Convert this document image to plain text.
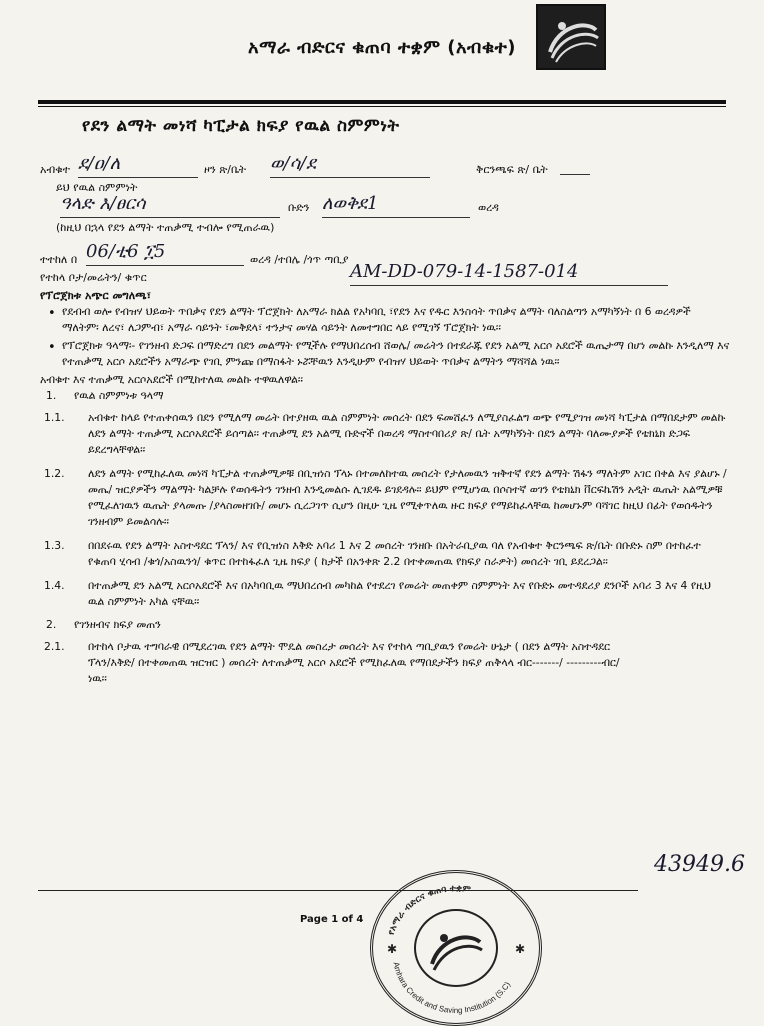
አማራ ብድርና ቁጠባ ተቋም (አብቁተ)
የደን ልማት መነሻ ካፒታል ክፍያ የዉል ስምምነት
አብቁተ ደ/ዐ/ለ	ዞን ጽ/ቤት ወ/ሳ/ደ	ቅርንጫፍ ጽ/ ቤት
ይህ የዉል ስምምነት
ዓላድ እ/ፀርሳ	ቡድን ለወቅደ1	ወረዳ
(ከዚህ በኋላ የደን ልማት ተጠቃሚ ተብሎ የሚጠራዉ)
ተተከለ በ 06/ቲ6 ፲5	ወረዳ /ተበሌ /ጎጥ ጣቢያ
የተከላ ቦታ/መሬትን/ ቁጥር	AM-DD-079-14-1587-014
የፕሮጀክቱ አጭር መግለጫ፣
• የደብብ ወሎ የብዝሃ ህይወት ጥበቃና የደን ልማት ፕሮጀክት ለአማራ ክልል የአካባቢ ፣የደን እና የዱር እንስሳት ጥበቃና ልማት ባለስልጣን አማካኝነት በ 6 ወረዳዎች ማለትም፡ ለረና፣ ለጋምብ፣ አማራ ሳይንት ፣መቅደላ፣ ተንታና መሃል ሳይንት ለመተግበር ላይ የሚገኝ ፕሮጀክት ነዉ፡፡
• የፕሮጀክቱ ዓላማ፡- የገንዘብ ድጋፍ በማድረግ በደን መልማት የሚችሉ የማህበረሰብ ሸወሌ/ መሬትን በተደራጁ የደን አልሚ አርሶ አደሮች ዉጤታማ በሆነ መልኩ እንዲለማ እና የተጠቃሚ አርሶ አደሮችን አማራጭ የገቢ ምንጩ በማስፋት ኑሯቸዉን እንዲሁም የብዝሃ ህይወት ጥበቃና ልማትን ማሻሻል ነዉ፡፡
አብቁተ እና ተጠቃሚ አርሶአደሮች በሚከተለዉ መልኩ ተዋዉለዋል፡፡
1. የዉል ስምምነቱ ዓላማ
1.1. አብቁተ ከላይ የተጠቀሰዉን በደን የሚለማ መሬት በተያዘዉ ዉል ስምምነት መሰረት በደን ፍመሸፈን ለሚያስፈልግ ወጭ የሚያገዝ መነሻ ካፒታል በማበደታም መልኩ ለደን ልማት ተጠቃሚ አርሶአደሮች ይሰጣል፡፡ ተጠቃሚ ደን አልሚ ቡድኖች በወረዳ ማስተባበሪያ ጽ/ ቤት አማካኝነት በደን ልማት ባለሙያዎች የቴክኒክ ድጋፍ ይደረግላቸዋል፡፡
1.2. ለደን ልማት የሚከፈለዉ መነሻ ካፒታል ተጠቃሚዎቹ በቢዝነስ ፕላኑ በተመለከተዉ መሰረት የታለመዉን ዝቅተኛ የደን ልማት ሽፋን ማለትም አገር በቀል እና ያልሆኑ /መጤ/ ዝርያዎችን ማልማት ካልቻሉ የወሰዱትን ገንዘብ እንዲመልሱ ሊገደዱ ይገደዳሉ፡፡ ይህም የሚሆነዉ በሶስተኛ ወገን የቴክኒክ ቨርፍኬሽን አዲት ዉጤት አልሚዎቹ የሚፈለገዉን ዉጤት ያላመጡ /ያላስመዘገቡ/ መሆኑ ሲረጋገጥ ሲሆን በዚሁ ጊዜ የሚቀጥለዉ ዙር ክፍያ የማይከፈላቸዉ ከመሆኑም ባሻገር ከዚህ በፊት የወሰዱትን ገንዘብም ይመልሳሉ፡፡
1.3. በበደሩዉ የደን ልማት አስተዳደር ፕላን/ እና የቢዝነስ እቅድ አባሪ 1 እና 2 መሰረት ገንዘቡ በአትራቢያዉ ባለ የአብቁተ ቅርንጫፍ ጽ/ቤት በቡድኑ ስም በተከፈተ የቁጠባ ሂሳብ /ቁጎ/አስዉንጎ/ ቁጥር በተከፋፈለ ጊዜ ክፍያ ( ከታች በአንቀጽ 2.2 በተቀመጠዉ የክፍያ ስራዎት) መሰረት ገቢ ይደረጋል፡፡
1.4. በተጠቃሚ ደን አልሚ አርሶአደሮች እና በአካባቢዉ ማህበረሰብ መካከል የተደረገ የመሬት መጠቀም ስምምነት እና የቡድኑ መተዳደሪያ ደንቦች አባሪ 3 እና 4 የዚህ ዉል ስምምነት አካል ናቸዉ፡፡
2. የገንዘብና ክፍያ መጠን
2.1. በተከላ ቦታዉ ተግባራዊ በሚደረገዉ የደን ልማት ሞዴል መስረታ መሰረት እና የተከላ ጣቢያዉን የመሬት ሁኔታ ( በደን ልማት አስተዳደር ፕላን/እቅድ/ በተቀመጠዉ ዝርዝር ) መሰረት ለተጠቃሚ አርሶ አደሮች የሚከፈለዉ የማበደታችን ክፍያ ጠቅላላ ብር-------/ ---------ብር/ ነዉ፡፡
43949.6
Page 1 of 4
የአማራ ብድርና ቁጠባ ተቋም
Amhara Credit and Saving Institution (S.C)
✱	✱
